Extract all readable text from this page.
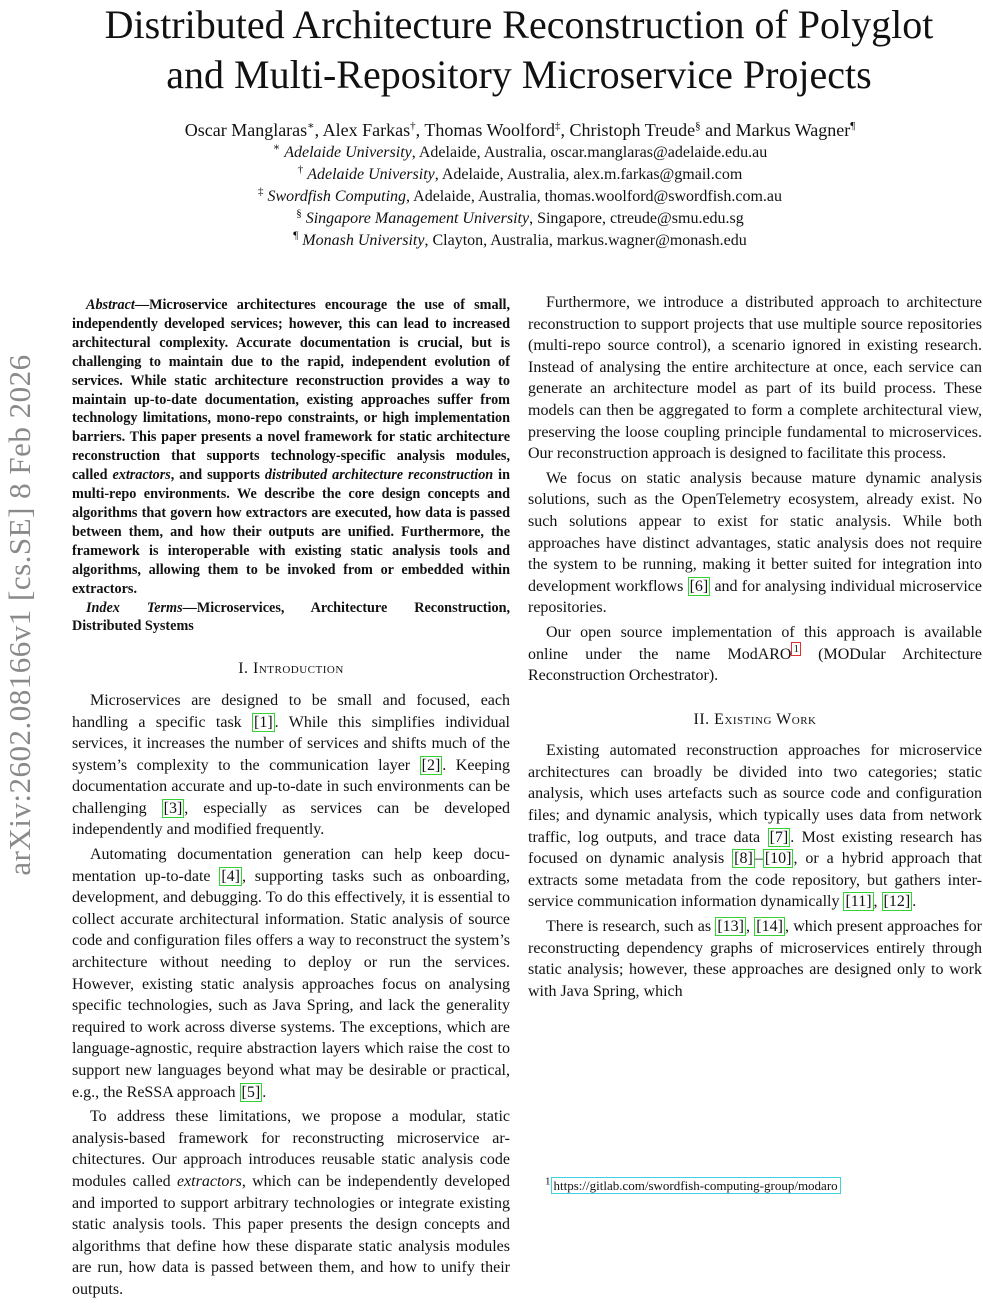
Distributed Architecture Reconstruction of Polyglot
and Multi-Repository Microservice Projects
Oscar Manglaras∗, Alex Farkas†, Thomas Woolford‡, Christoph Treude§ and Markus Wagner¶
∗ Adelaide University, Adelaide, Australia, oscar.manglaras@adelaide.edu.au
† Adelaide University, Adelaide, Australia, alex.m.farkas@gmail.com
‡ Swordfish Computing, Adelaide, Australia, thomas.woolford@swordfish.com.au
§ Singapore Management University, Singapore, ctreude@smu.edu.sg
¶ Monash University, Clayton, Australia, markus.wagner@monash.edu
arXiv:2602.08166v1 [cs.SE] 8 Feb 2026

Abstract—Microservice architectures encourage the use of small, independently developed services; however, this can lead to increased architectural complexity. Accurate documentation is crucial, but is challenging to maintain due to the rapid, independent evolution of services. While static architecture reconstruction provides a way to maintain up-to-date documentation, existing approaches suffer from technology limitations, mono-repo constraints, or high implementation barriers. This paper presents a novel framework for static architecture reconstruction that supports technology-specific analysis modules, called extractors, and supports distributed architecture reconstruction in multi-repo environments. We describe the core design concepts and algorithms that govern how extractors are executed, how data is passed between them, and how their outputs are unified. Furthermore, the framework is interoperable with existing static analysis tools and algorithms, allowing them to be invoked from or embedded within extractors.

Index Terms—Microservices, Architecture Reconstruction, Distributed Systems

I. Introduction

Microservices are designed to be small and focused, each handling a specific task [1] . While this simplifies individual services, it increases the number of services and shifts much of the system’s complexity to the communication layer [2] . Keeping documentation accurate and up-to-date in such environments can be challenging [3] , especially as services can be developed independently and modified frequently.

Automating documentation generation can help keep documentation up-to-date [4] , supporting tasks such as onboarding, development, and debugging. To do this effectively, it is essential to collect accurate architectural information. Static analysis of source code and configuration files offers a way to reconstruct the system’s architecture without needing to deploy or run the services. However, existing static analysis approaches focus on analysing specific technologies, such as Java Spring, and lack the generality required to work across diverse systems. The exceptions, which are language-agnostic, require abstraction layers which raise the cost to support new languages beyond what may be desirable or practical, e.g., the ReSSA approach [5] .

To address these limitations, we propose a modular, static analysis-based framework for reconstructing microservice architectures. Our approach introduces reusable static analysis code modules called extractors, which can be independently developed and imported to support arbitrary technologies or integrate existing static analysis tools. This paper presents the design concepts and algorithms that define how these disparate static analysis modules are run, how data is passed between them, and how to unify their outputs.

Furthermore, we introduce a distributed approach to architecture reconstruction to support projects that use multiple source repositories (multi-repo source control), a scenario ignored in existing research. Instead of analysing the entire architecture at once, each service can generate an architecture model as part of its build process. These models can then be aggregated to form a complete architectural view, preserving the loose coupling principle fundamental to microservices. Our reconstruction approach is designed to facilitate this process.

We focus on static analysis because mature dynamic analysis solutions, such as the OpenTelemetry ecosystem, already exist. No such solutions appear to exist for static analysis. While both approaches have distinct advantages, static analysis does not require the system to be running, making it better suited for integration into development workflows [6] and for analysing individual microservice repositories.

Our open source implementation of this approach is available online under the name ModARO $^1$ (MODular Architecture Reconstruction Orchestrator).

II. Existing Work

Existing automated reconstruction approaches for microservice architectures can broadly be divided into two categories; static analysis, which uses artefacts such as source code and configuration files; and dynamic analysis, which typically uses data from network traffic, log outputs, and trace data [7] . Most existing research has focused on dynamic analysis [8] – [10] , or a hybrid approach that extracts some metadata from the code repository, but gathers inter-service communication information dynamically [11] , [12] .

There is research, such as [13] , [14] , which present approaches for reconstructing dependency graphs of microservices entirely through static analysis; however, these approaches are designed only to work with Java Spring, which

$^1$ https://gitlab.com/swordfish-computing-group/modaro
